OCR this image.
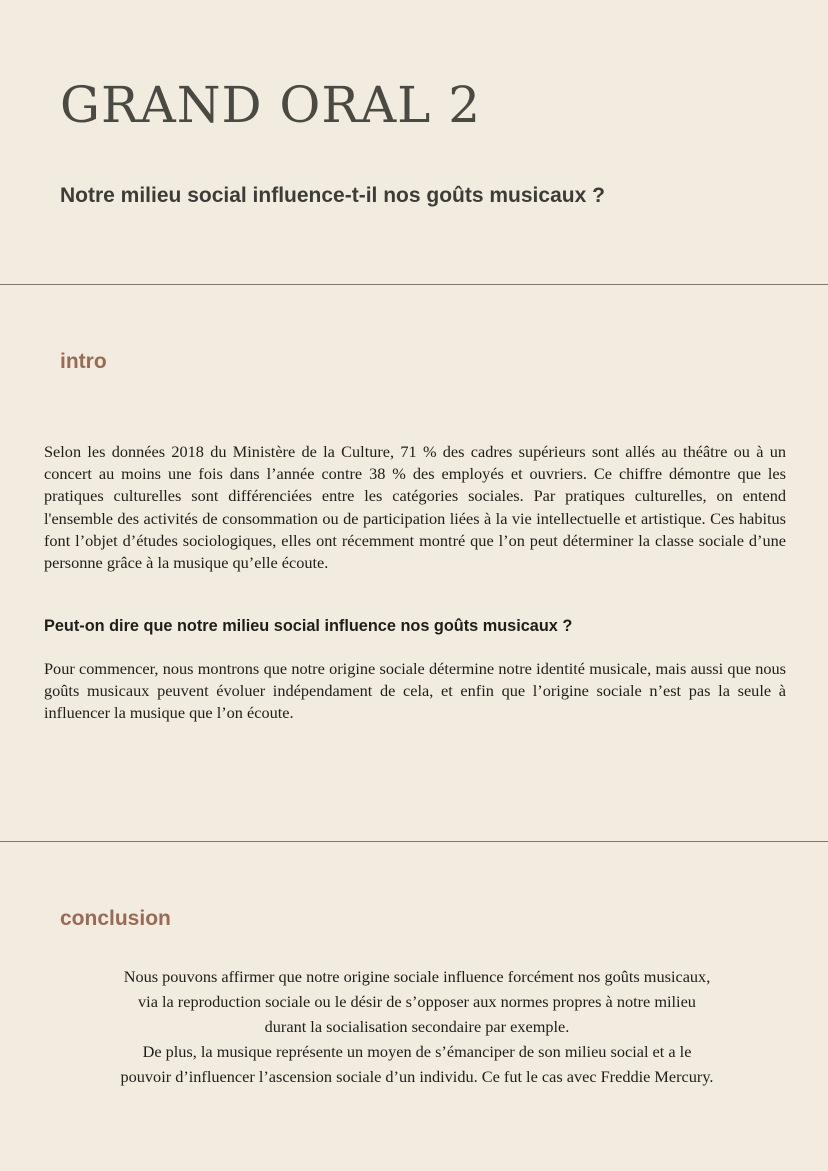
GRAND ORAL 2
Notre milieu social influence-t-il nos goûts musicaux ?
intro

Selon les données 2018 du Ministère de la Culture, 71 % des cadres supérieurs sont allés au théâtre ou à un concert au moins une fois dans l’année contre 38 % des employés et ouvriers. Ce chiffre démontre que les pratiques culturelles sont différenciées entre les catégories sociales. Par pratiques culturelles, on entend l'ensemble des activités de consommation ou de participation liées à la vie intellectuelle et artistique. Ces habitus font l’objet d’études sociologiques, elles ont récemment montré que l’on peut déterminer la classe sociale d’une personne grâce à la musique qu’elle écoute.

Peut-on dire que notre milieu social influence nos goûts musicaux ?

Pour commencer, nous montrons que notre origine sociale détermine notre identité musicale, mais aussi que nous goûts musicaux peuvent évoluer indépendament de cela, et enfin que l’origine sociale n’est pas la seule à influencer la musique que l’on écoute.

conclusion
Nous pouvons affirmer que notre origine sociale influence forcément nos goûts musicaux,
via la reproduction sociale ou le désir de s’opposer aux normes propres à notre milieu
durant la socialisation secondaire par exemple.
De plus, la musique représente un moyen de s’émanciper de son milieu social et a le
pouvoir d’influencer l’ascension sociale d’un individu. Ce fut le cas avec Freddie Mercury.
